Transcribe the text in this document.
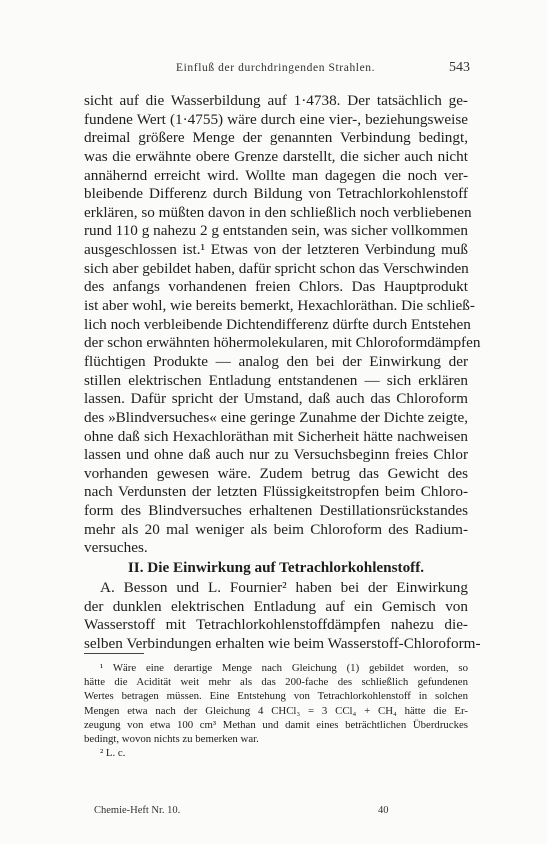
Einfluß der durchdringenden Strahlen.	543
sicht auf die Wasserbildung auf 1·4738. Der tatsächlich ge-
fundene Wert (1·4755) wäre durch eine vier-, beziehungsweise
dreimal größere Menge der genannten Verbindung bedingt,
was die erwähnte obere Grenze darstellt, die sicher auch nicht
annähernd erreicht wird. Wollte man dagegen die noch ver-
bleibende Differenz durch Bildung von Tetrachlorkohlenstoff
erklären, so müßten davon in den schließlich noch verbliebenen
rund 110 g nahezu 2 g entstanden sein, was sicher vollkommen
ausgeschlossen ist.¹ Etwas von der letzteren Verbindung muß
sich aber gebildet haben, dafür spricht schon das Verschwinden
des anfangs vorhandenen freien Chlors. Das Hauptprodukt
ist aber wohl, wie bereits bemerkt, Hexachloräthan. Die schließ-
lich noch verbleibende Dichtendifferenz dürfte durch Entstehen
der schon erwähnten höhermolekularen, mit Chloroformdämpfen
flüchtigen Produkte — analog den bei der Einwirkung der
stillen elektrischen Entladung entstandenen — sich erklären
lassen. Dafür spricht der Umstand, daß auch das Chloroform
des »Blindversuches« eine geringe Zunahme der Dichte zeigte,
ohne daß sich Hexachloräthan mit Sicherheit hätte nachweisen
lassen und ohne daß auch nur zu Versuchsbeginn freies Chlor
vorhanden gewesen wäre. Zudem betrug das Gewicht des
nach Verdunsten der letzten Flüssigkeitstropfen beim Chloro-
form des Blindversuches erhaltenen Destillationsrückstandes
mehr als 20 mal weniger als beim Chloroform des Radium-
versuches.
II. Die Einwirkung auf Tetrachlorkohlenstoff.
A. Besson und L. Fournier² haben bei der Einwirkung
der dunklen elektrischen Entladung auf ein Gemisch von
Wasserstoff mit Tetrachlorkohlenstoffdämpfen nahezu die-
selben Verbindungen erhalten wie beim Wasserstoff-Chloroform-
¹ Wäre eine derartige Menge nach Gleichung (1) gebildet worden, so
hätte die Acidität weit mehr als das 200-fache des schließlich gefundenen
Wertes betragen müssen. Eine Entstehung von Tetrachlorkohlenstoff in solchen
Mengen etwa nach der Gleichung 4 CHCl₃ = 3 CCl₄ + CH₄ hätte die Er-
zeugung von etwa 100 cm³ Methan und damit eines beträchtlichen Überdruckes
bedingt, wovon nichts zu bemerken war.
² L. c.
Chemie-Heft Nr. 10.	40
